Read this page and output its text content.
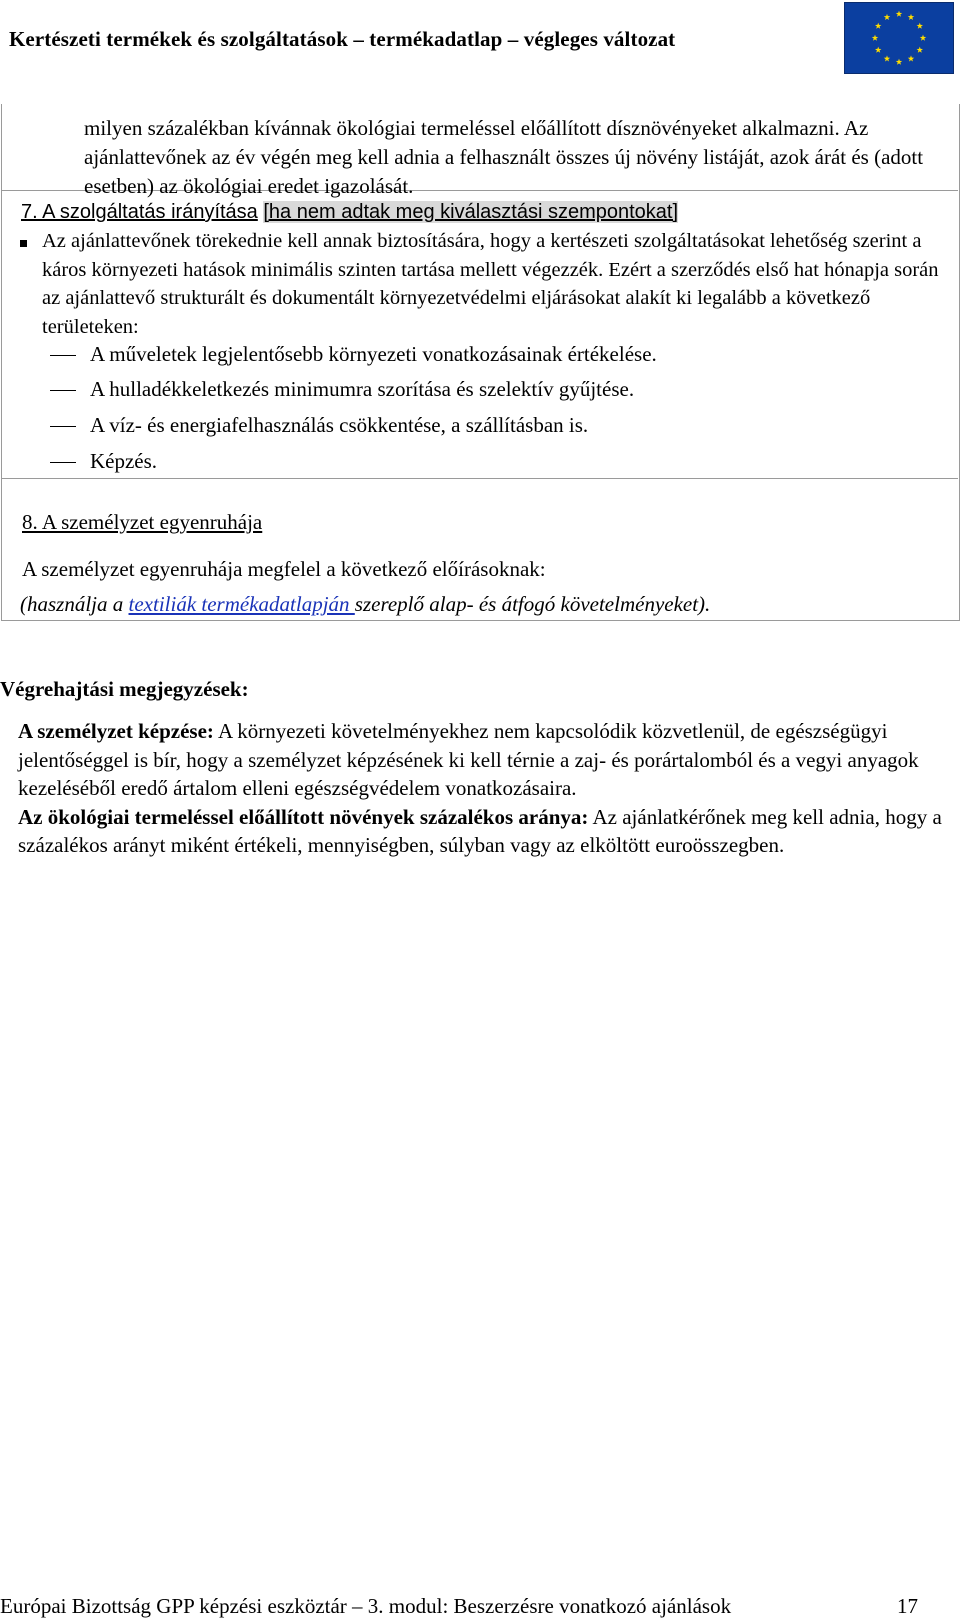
Kertészeti termékek és szolgáltatások – termékadatlap – végleges változat
milyen százalékban kívánnak ökológiai termeléssel előállított dísznövényeket alkalmazni. Az ajánlattevőnek az év végén meg kell adnia a felhasznált összes új növény listáját, azok árát és (adott esetben) az ökológiai eredet igazolását.
7. A szolgáltatás irányítása [ha nem adtak meg kiválasztási szempontokat]
Az ajánlattevőnek törekednie kell annak biztosítására, hogy a kertészeti szolgáltatásokat lehetőség szerint a káros környezeti hatások minimális szinten tartása mellett végezzék. Ezért a szerződés első hat hónapja során az ajánlattevő strukturált és dokumentált környezetvédelmi eljárásokat alakít ki legalább a következő területeken:
A műveletek legjelentősebb környezeti vonatkozásainak értékelése.
A hulladékkeletkezés minimumra szorítása és szelektív gyűjtése.
A víz- és energiafelhasználás csökkentése, a szállításban is.
Képzés.
8. A személyzet egyenruhája
A személyzet egyenruhája megfelel a következő előírásoknak:
(használja a textiliák termékadatlapján szereplő alap- és átfogó követelményeket).
Végrehajtási megjegyzések:
A személyzet képzése: A környezeti követelményekhez nem kapcsolódik közvetlenül, de egészségügyi jelentőséggel is bír, hogy a személyzet képzésének ki kell térnie a zaj- és porártalomból és a vegyi anyagok kezeléséből eredő ártalom elleni egészségvédelem vonatkozásaira.
Az ökológiai termeléssel előállított növények százalékos aránya: Az ajánlatkérőnek meg kell adnia, hogy a százalékos arányt miként értékeli, mennyiségben, súlyban vagy az elköltött euroösszegben.
Európai Bizottság GPP képzési eszköztár – 3. modul: Beszerzésre vonatkozó ajánlások	17
